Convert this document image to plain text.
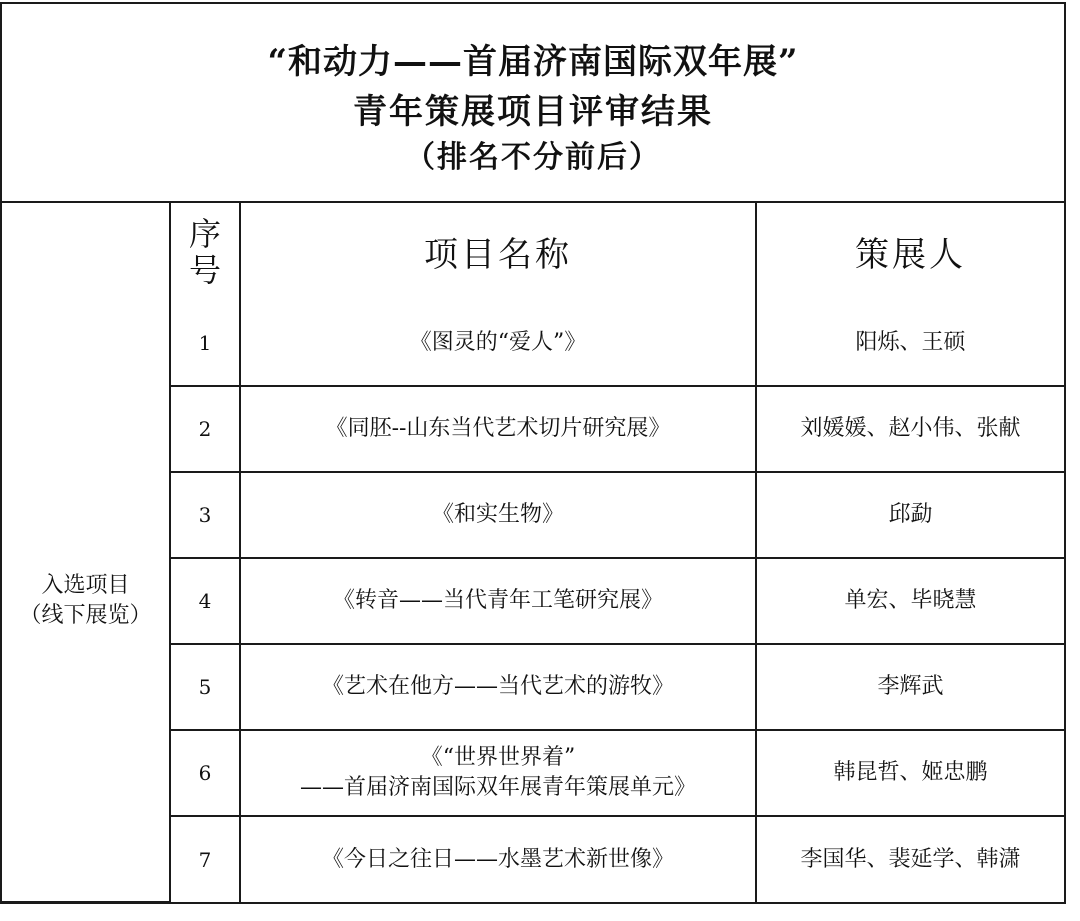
“和动力——首届济南国际双年展”
青年策展项目评审结果
（排名不分前后）

	序
号	项目名称	策展人

入选项目
（线下展览）	1	《图灵的“爱人”》	阳烁、王硕
	2	《同胚--山东当代艺术切片研究展》	刘媛媛、赵小伟、张献
	3	《和实生物》	邱勐
	4	《转音——当代青年工笔研究展》	单宏、毕晓慧
	5	《艺术在他方——当代艺术的游牧》	李辉武
	6	《“世界世界着”
——首届济南国际双年展青年策展单元》	韩昆哲、姬忠鹏
	7	《今日之往日——水墨艺术新世像》	李国华、裴延学、韩潇
